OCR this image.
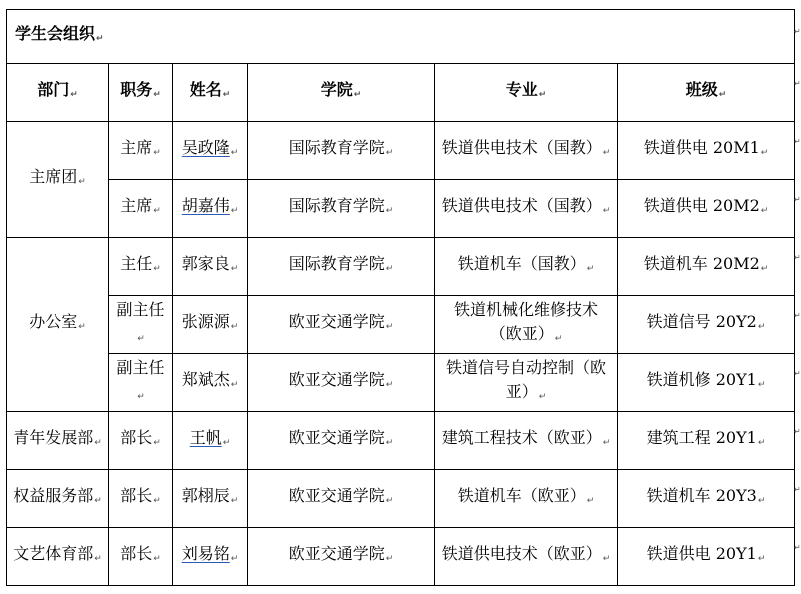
学生会组织↵					
部门↵	职务↵	姓名↵	学院↵	专业↵	班级↵
主席团↵	主席↵	吴政隆↵	国际教育学院↵	铁道供电技术（国教）↵	铁道供电 20M1↵
	主席↵	胡嘉伟↵	国际教育学院↵	铁道供电技术（国教）↵	铁道供电 20M2↵
办公室↵	主任↵	郭家良↵	国际教育学院↵	铁道机车（国教）↵	铁道机车 20M2↵
	副主任↵	张源源↵	欧亚交通学院↵	铁道机械化维修技术（欧亚）↵	铁道信号 20Y2↵
	副主任↵	郑斌杰↵	欧亚交通学院↵	铁道信号自动控制（欧亚）↵	铁道机修 20Y1↵
青年发展部↵	部长↵	王帆↵	欧亚交通学院↵	建筑工程技术（欧亚）↵	建筑工程 20Y1↵
权益服务部↵	部长↵	郭栩辰↵	欧亚交通学院↵	铁道机车（欧亚）↵	铁道机车 20Y3↵
文艺体育部↵	部长↵	刘易铭↵	欧亚交通学院↵	铁道供电技术（欧亚）↵	铁道供电 20Y1↵
↵
↵
↵
↵
↵
↵
↵
↵
↵
↵
